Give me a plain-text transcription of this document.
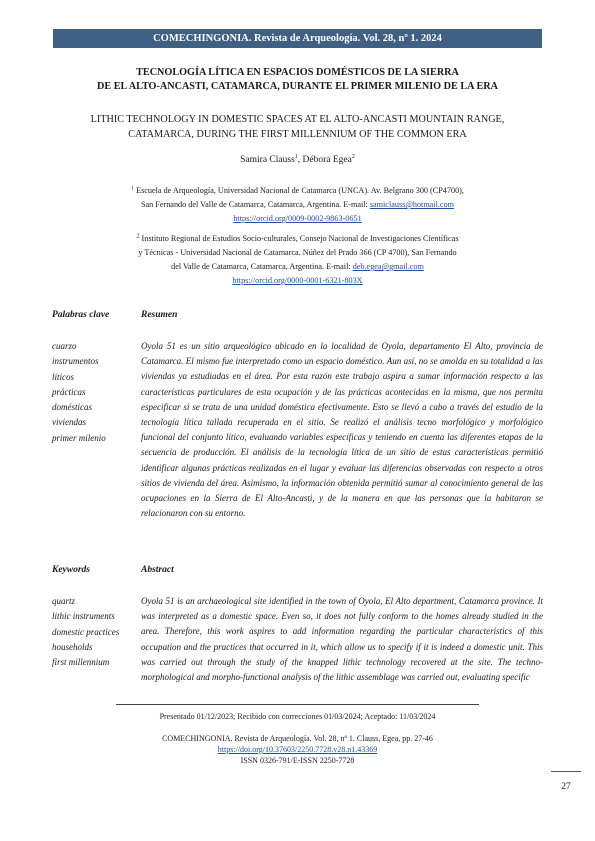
COMECHINGONIA. Revista de Arqueología. Vol. 28, nº 1. 2024
TECNOLOGÍA LÍTICA EN ESPACIOS DOMÉSTICOS DE LA SIERRA
DE EL ALTO-ANCASTI, CATAMARCA, DURANTE EL PRIMER MILENIO DE LA ERA
LITHIC TECHNOLOGY IN DOMESTIC SPACES AT EL ALTO-ANCASTI MOUNTAIN RANGE,
CATAMARCA, DURING THE FIRST MILLENNIUM OF THE COMMON ERA
Samira Clauss$^1$, Débora Egea$^2$
$^1$ Escuela de Arqueología, Universidad Nacional de Catamarca (UNCA). Av. Belgrano 300 (CP4700),
San Fernando del Valle de Catamarca, Catamarca, Argentina. E-mail: samiclauss@hotmail.com
https://orcid.org/0009-0002-9863-0651
$^2$ Instituto Regional de Estudios Socio-culturales, Consejo Nacional de Investigaciones Científicas
y Técnicas - Universidad Nacional de Catamarca. Núñez del Prado 366 (CP 4700), San Fernando
del Valle de Catamarca, Catamarca, Argentina. E-mail: deb.egea@gmail.com
https://orcid.org/0000-0001-6321-803X
Palabras clave	Resumen
cuarzo
instrumentos
líticos
prácticas
domésticas
viviendas
primer milenio

Oyola 51 es un sitio arqueológico ubicado en la localidad de Oyola, departamento El Alto, provincia de Catamarca. El mismo fue interpretado como un espacio doméstico. Aun así, no se amolda en su totalidad a las viviendas ya estudiadas en el área. Por esta razón este trabajo aspira a sumar información respecto a las características particulares de esta ocupación y de las prácticas acontecidas en la misma, que nos permita especificar si se trata de una unidad doméstica efectivamente. Esto se llevó a cabo a través del estudio de la tecnología lítica tallada recuperada en el sitio. Se realizó el análisis tecno morfológico y morfológico funcional del conjunto lítico, evaluando variables específicas y teniendo en cuenta las diferentes etapas de la secuencia de producción. El análisis de la tecnología lítica de un sitio de estas características permitió identificar algunas prácticas realizadas en el lugar y evaluar las diferencias observadas con respecto a otros sitios de vivienda del área. Asimismo, la información obtenida permitió sumar al conocimiento general de las ocupaciones en la Sierra de El Alto-Ancasti, y de la manera en que las personas que la habitaron se relacionaron con su entorno.

Keywords	Abstract
quartz
lithic instruments
domestic practices
households
first millennium

Oyola 51 is an archaeological site identified in the town of Oyola, El Alto department, Catamarca province. It was interpreted as a domestic space. Even so, it does not fully conform to the homes already studied in the area. Therefore, this work aspires to add information regarding the particular characteristics of this occupation and the practices that occurred in it, which allow us to specify if it is indeed a domestic unit. This was carried out through the study of the knapped lithic technology recovered at the site. The techno-morphological and morpho-functional analysis of the lithic assemblage was carried out, evaluating specific

Presentado 01/12/2023; Recibido con correcciones 01/03/2024; Aceptado: 11/03/2024
COMECHINGONIA. Revista de Arqueología. Vol. 28, nº 1. Clauss, Egea, pp. 27-46
https://doi.org/10.37603/2250.7728.v28.n1.43369
ISSN 0326-791/E-ISSN 2250-7728
27
